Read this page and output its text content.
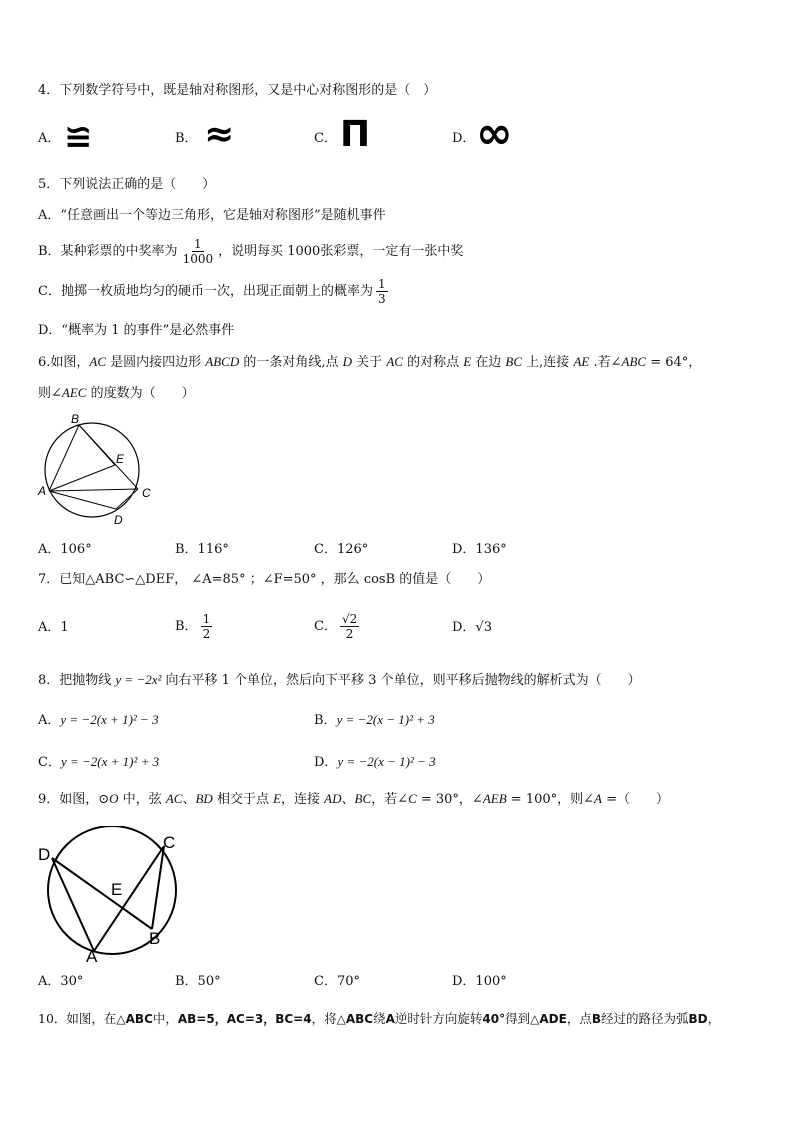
4．下列数学符号中，既是轴对称图形，又是中心对称图形的是（　）
A． ≌	B． ≈	C． Π	D． ∞
5．下列说法正确的是（　　）
A．“任意画出一个等边三角形，它是轴对称图形”是随机事件
B．某种彩票的中奖率为 $\frac{1}{1000}$ ，说明每买 1000张彩票，一定有一张中奖
C．抛掷一枚质地均匀的硬币一次，出现正面朝上的概率为 $\frac{1}{3}$
D．“概率为 1 的事件”是必然事件
6.如图，AC 是圆内接四边形 ABCD 的一条对角线,点 D 关于 AC 的对称点 E 在边 BC 上,连接 AE .若∠ABC = 64°，
则∠AEC 的度数为（　　）
B
E
A	C
D
A．106°	B．116°	C．126°	D．136°
7．已知△ABC∽△DEF， ∠A=85° ；∠F=50° ，那么 cosB 的值是（　　）
A．1	B． $\frac{1}{2}$	C． $\frac{√2}{2}$	D．√3
8．把抛物线 y = −2x² 向右平移 1 个单位，然后向下平移 3 个单位，则平移后抛物线的解析式为（　　）
A．y = −2(x + 1)² − 3	B．y = −2(x − 1)² + 3
C．y = −2(x + 1)² + 3	D．y = −2(x − 1)² − 3
9．如图，⊙O 中，弦 AC、BD 相交于点 E，连接 AD、BC，若∠C = 30°，∠AEB = 100°，则∠A =（　　）
D
C
E
B
A
A．30°	B．50°	C．70°	D．100°
10．如图，在△ABC中，AB=5，AC=3，BC=4，将△ABC绕A逆时针方向旋转40°得到△ADE，点B经过的路径为弧BD，
